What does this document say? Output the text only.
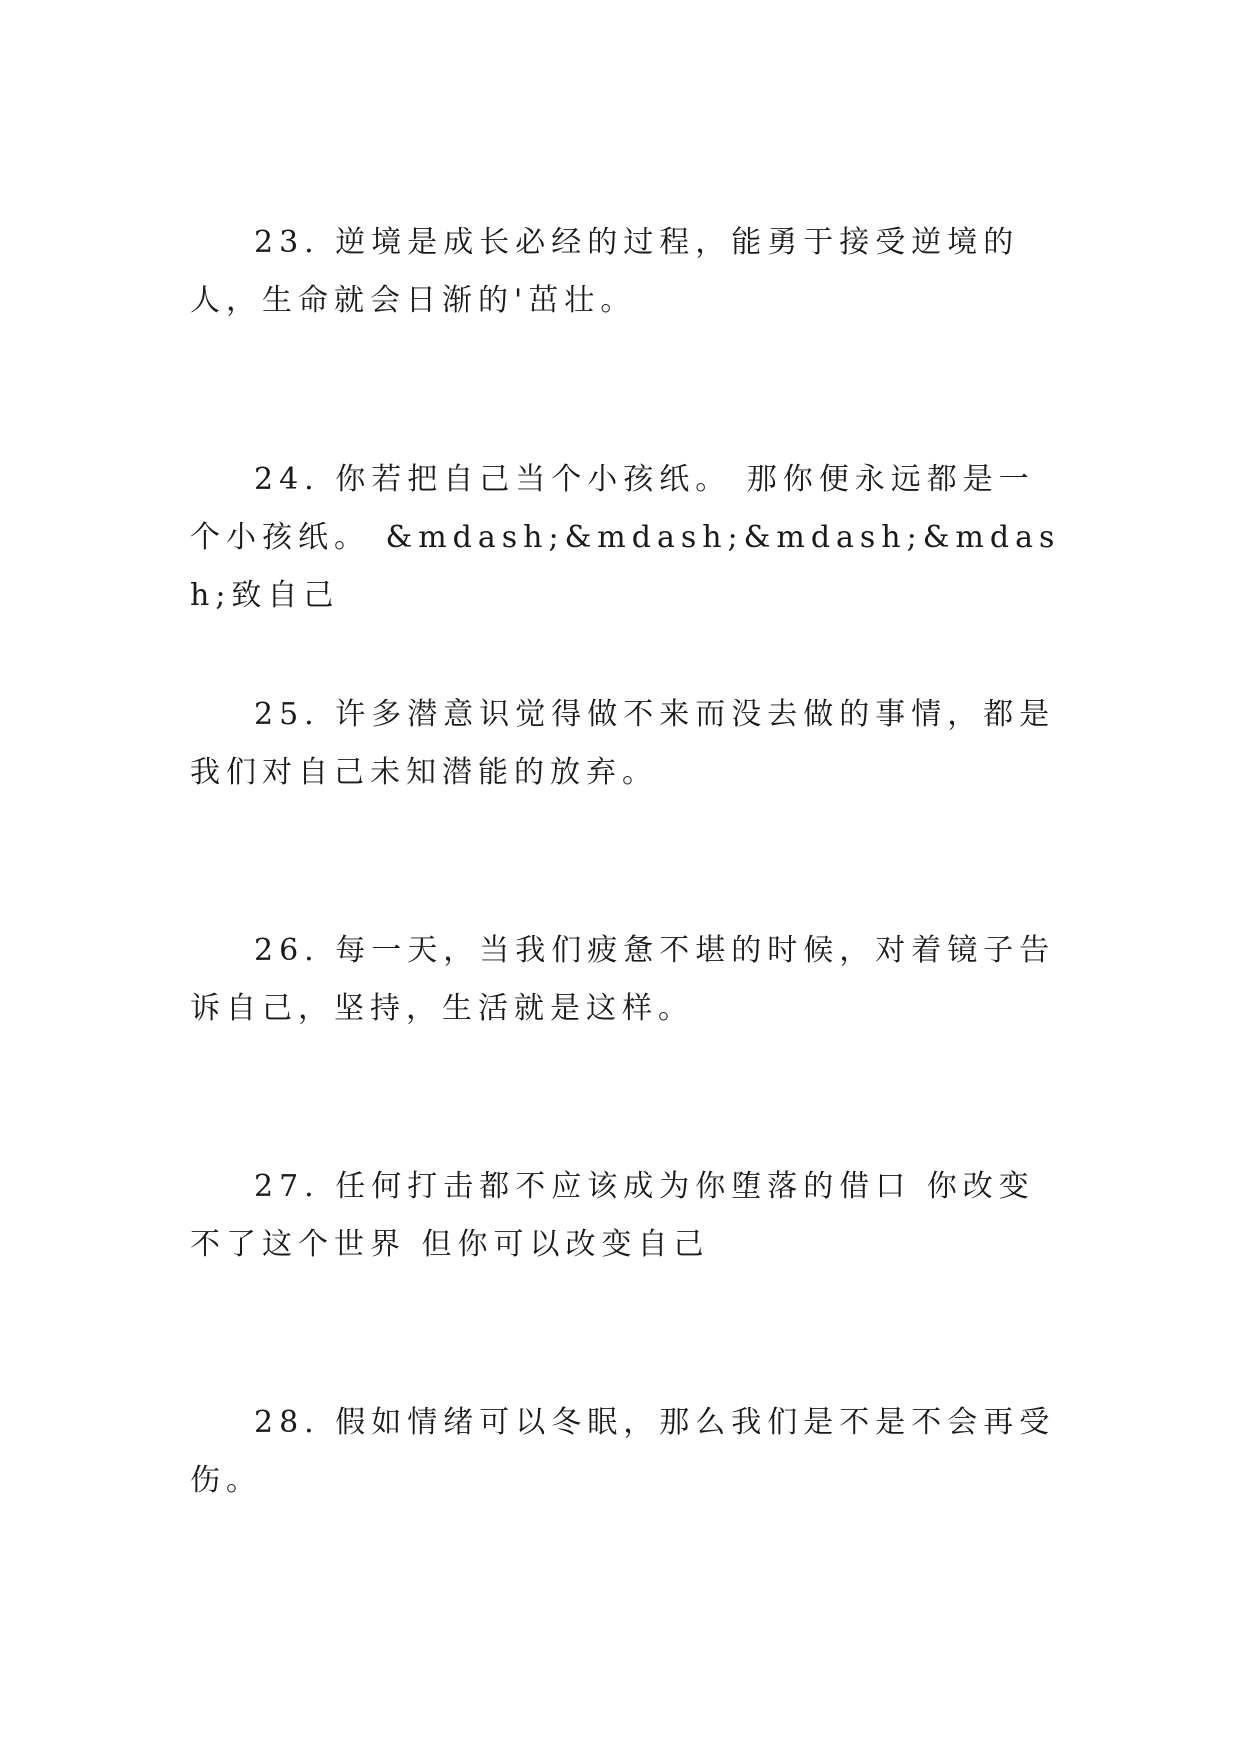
23. 逆境是成长必经的过程，能勇于接受逆境的人，生命就会日渐的'茁壮。

24. 你若把自己当个小孩纸。 那你便永远都是一个小孩纸。 &mdash;&mdash;&mdash;&mdash;致自己

25. 许多潜意识觉得做不来而没去做的事情，都是我们对自己未知潜能的放弃。

26. 每一天，当我们疲惫不堪的时候，对着镜子告诉自己，坚持，生活就是这样。

27. 任何打击都不应该成为你堕落的借口 你改变不了这个世界 但你可以改变自己

28. 假如情绪可以冬眠，那么我们是不是不会再受伤。
